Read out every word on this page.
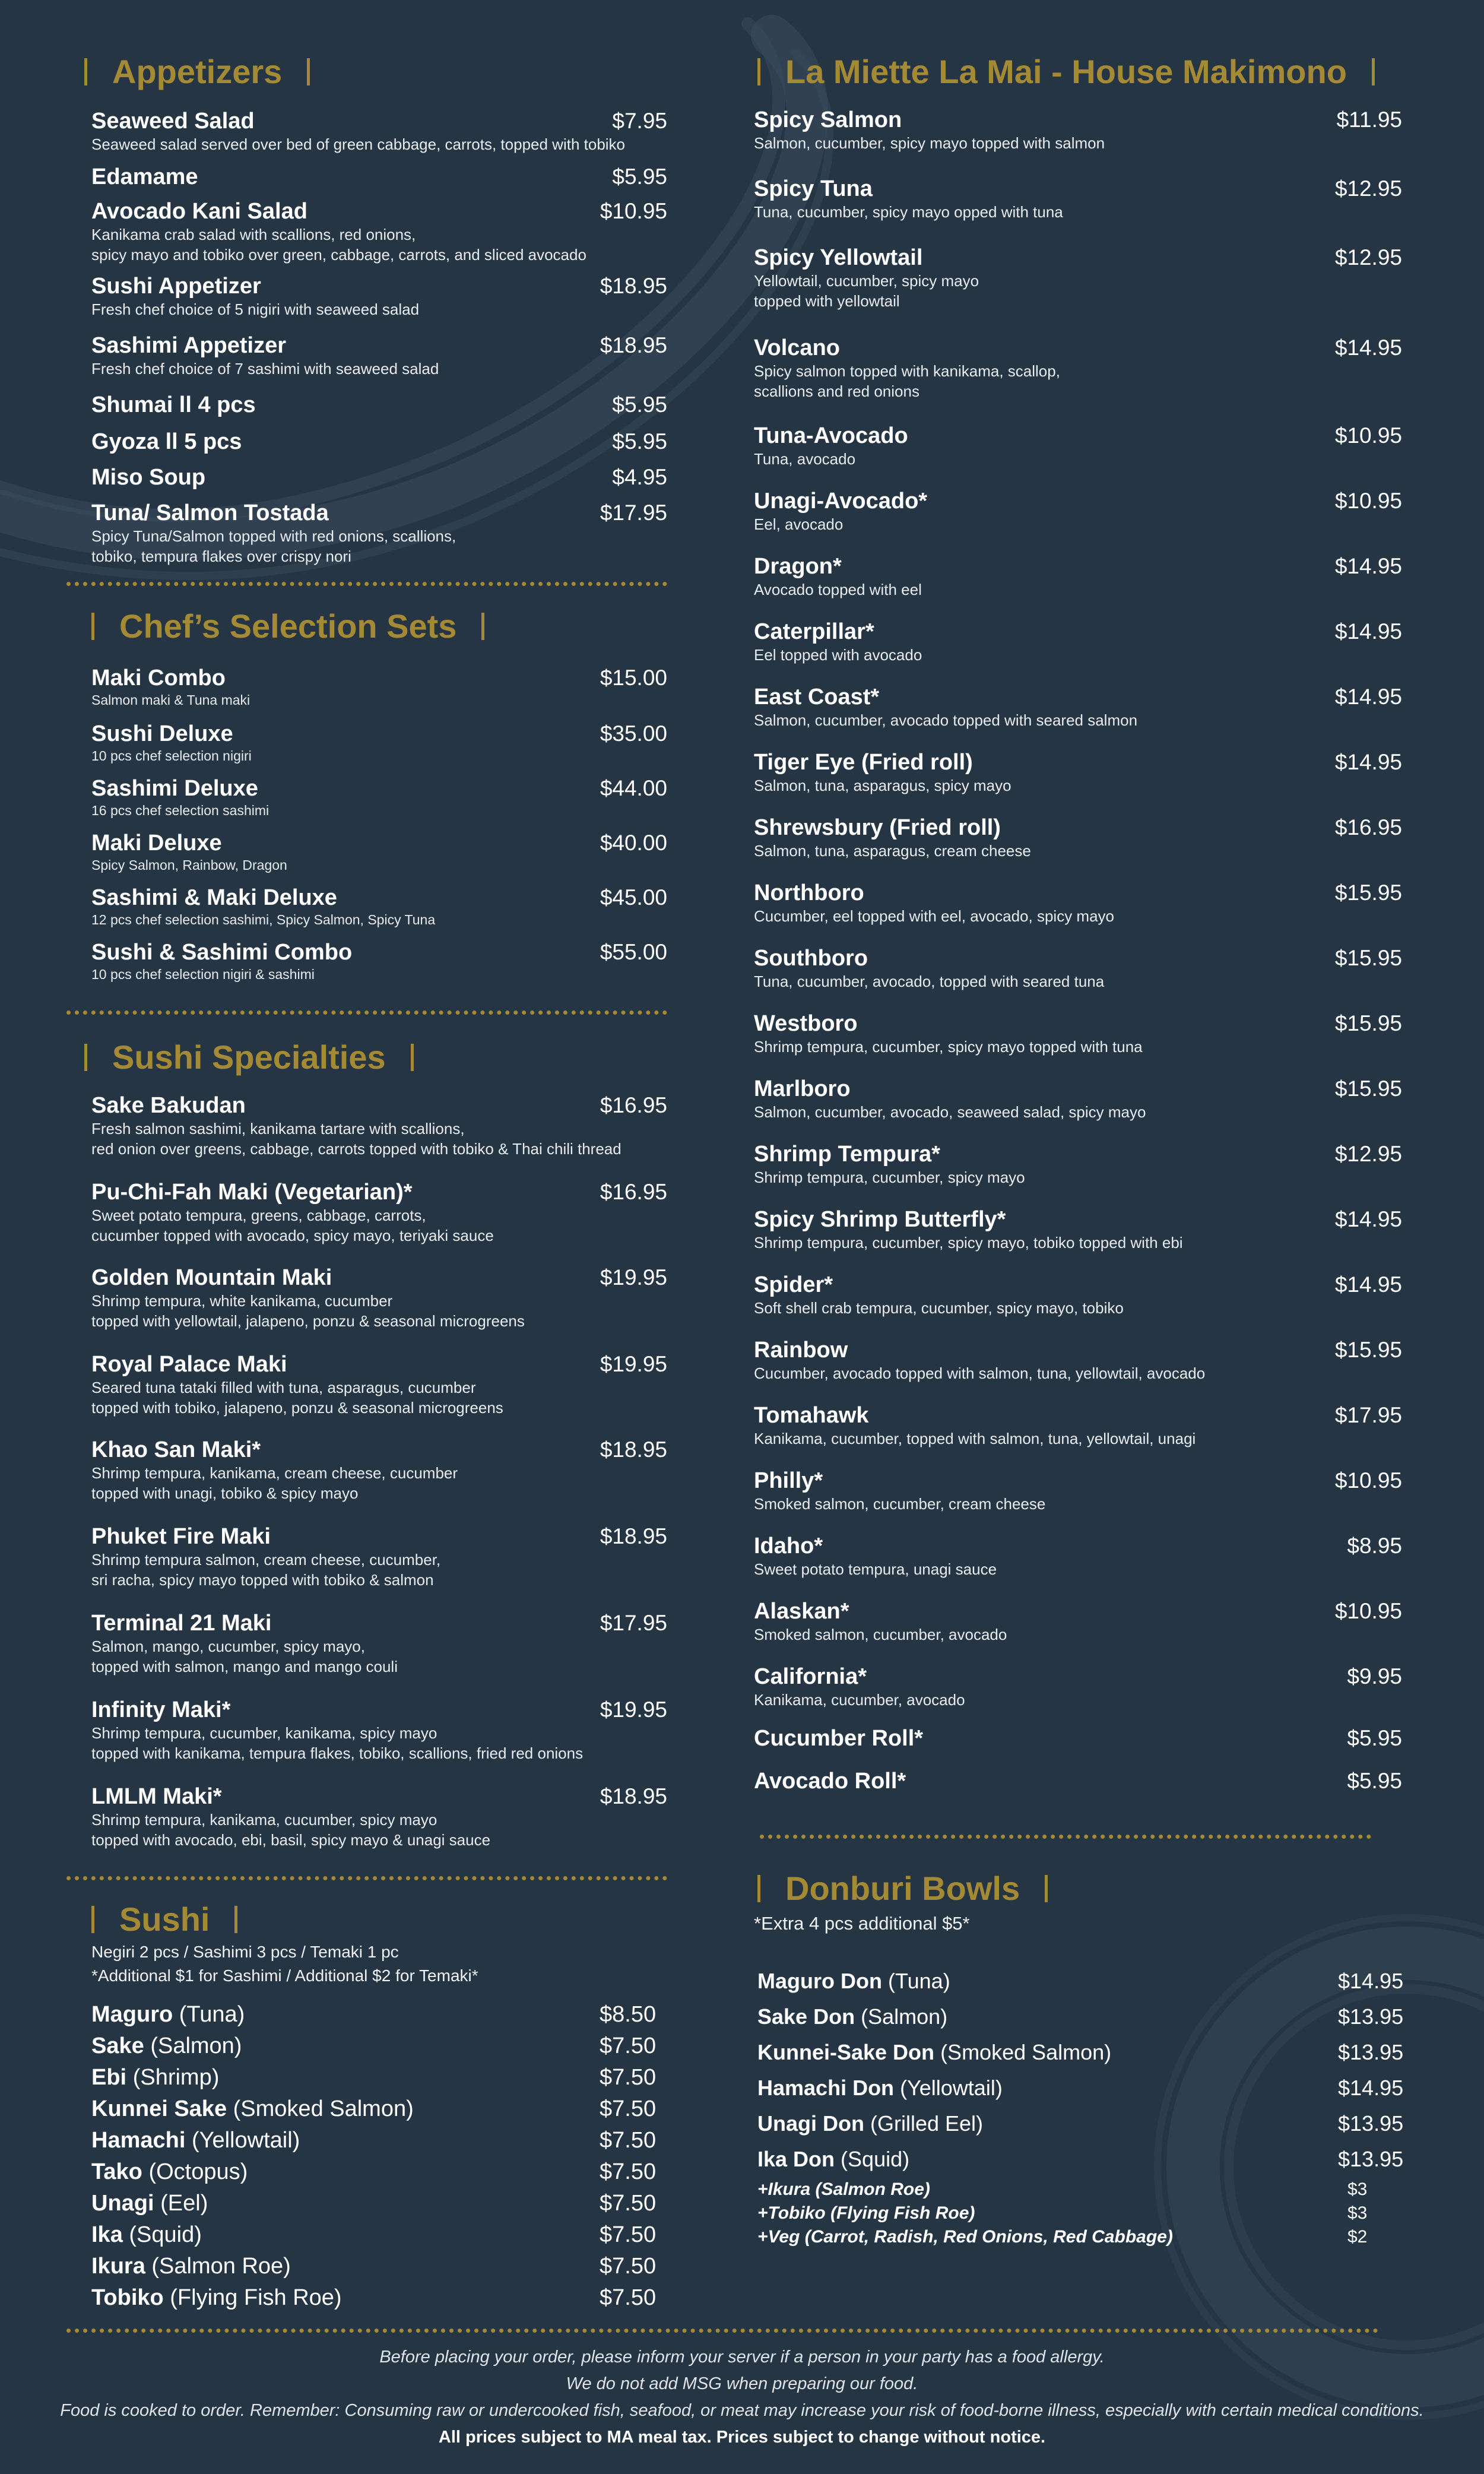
Appetizers
Seaweed Salad	$7.95
Seaweed salad served over bed of green cabbage, carrots, topped with tobiko
Edamame	$5.95
Avocado Kani Salad	$10.95
Kanikama crab salad with scallions, red onions,
spicy mayo and tobiko over green, cabbage, carrots, and sliced avocado
Sushi Appetizer	$18.95
Fresh chef choice of 5 nigiri with seaweed salad
Sashimi Appetizer	$18.95
Fresh chef choice of 7 sashimi with seaweed salad
Shumai ll 4 pcs	$5.95
Gyoza ll 5 pcs	$5.95
Miso Soup	$4.95
Tuna/ Salmon Tostada	$17.95
Spicy Tuna/Salmon topped with red onions, scallions,
tobiko, tempura flakes over crispy nori
Chef’s Selection Sets
Maki Combo	$15.00
Salmon maki & Tuna maki
Sushi Deluxe	$35.00
10 pcs chef selection nigiri
Sashimi Deluxe	$44.00
16 pcs chef selection sashimi
Maki Deluxe	$40.00
Spicy Salmon, Rainbow, Dragon
Sashimi & Maki Deluxe	$45.00
12 pcs chef selection sashimi, Spicy Salmon, Spicy Tuna
Sushi & Sashimi Combo	$55.00
10 pcs chef selection nigiri & sashimi
Sushi Specialties
Sake Bakudan	$16.95
Fresh salmon sashimi, kanikama tartare with scallions,
red onion over greens, cabbage, carrots topped with tobiko & Thai chili thread
Pu-Chi-Fah Maki (Vegetarian)*	$16.95
Sweet potato tempura, greens, cabbage, carrots,
cucumber topped with avocado, spicy mayo, teriyaki sauce
Golden Mountain Maki	$19.95
Shrimp tempura, white kanikama, cucumber
topped with yellowtail, jalapeno, ponzu & seasonal microgreens
Royal Palace Maki	$19.95
Seared tuna tataki filled with tuna, asparagus, cucumber
topped with tobiko, jalapeno, ponzu & seasonal microgreens
Khao San Maki*	$18.95
Shrimp tempura, kanikama, cream cheese, cucumber
topped with unagi, tobiko & spicy mayo
Phuket Fire Maki	$18.95
Shrimp tempura salmon, cream cheese, cucumber,
sri racha, spicy mayo topped with tobiko & salmon
Terminal 21 Maki	$17.95
Salmon, mango, cucumber, spicy mayo,
topped with salmon, mango and mango couli
Infinity Maki*	$19.95
Shrimp tempura, cucumber, kanikama, spicy mayo
topped with kanikama, tempura flakes, tobiko, scallions, fried red onions
LMLM Maki*	$18.95
Shrimp tempura, kanikama, cucumber, spicy mayo
topped with avocado, ebi, basil, spicy mayo & unagi sauce
Sushi
Negiri 2 pcs / Sashimi 3 pcs / Temaki 1 pc
*Additional $1 for Sashimi / Additional $2 for Temaki*
Maguro (Tuna)	$8.50
Sake (Salmon)	$7.50
Ebi (Shrimp)	$7.50
Kunnei Sake (Smoked Salmon)	$7.50
Hamachi (Yellowtail)	$7.50
Tako (Octopus)	$7.50
Unagi (Eel)	$7.50
Ika (Squid)	$7.50
Ikura (Salmon Roe)	$7.50
Tobiko (Flying Fish Roe)	$7.50
La Miette La Mai - House Makimono
Spicy Salmon	$11.95
Salmon, cucumber, spicy mayo topped with salmon
Spicy Tuna	$12.95
Tuna, cucumber, spicy mayo opped with tuna
Spicy Yellowtail	$12.95
Yellowtail, cucumber, spicy mayo
topped with yellowtail
Volcano	$14.95
Spicy salmon topped with kanikama, scallop,
scallions and red onions
Tuna-Avocado	$10.95
Tuna, avocado
Unagi-Avocado*	$10.95
Eel, avocado
Dragon*	$14.95
Avocado topped with eel
Caterpillar*	$14.95
Eel topped with avocado
East Coast*	$14.95
Salmon, cucumber, avocado topped with seared salmon
Tiger Eye (Fried roll)	$14.95
Salmon, tuna, asparagus, spicy mayo
Shrewsbury (Fried roll)	$16.95
Salmon, tuna, asparagus, cream cheese
Northboro	$15.95
Cucumber, eel topped with eel, avocado, spicy mayo
Southboro	$15.95
Tuna, cucumber, avocado, topped with seared tuna
Westboro	$15.95
Shrimp tempura, cucumber, spicy mayo topped with tuna
Marlboro	$15.95
Salmon, cucumber, avocado, seaweed salad, spicy mayo
Shrimp Tempura*	$12.95
Shrimp tempura, cucumber, spicy mayo
Spicy Shrimp Butterfly*	$14.95
Shrimp tempura, cucumber, spicy mayo, tobiko topped with ebi
Spider*	$14.95
Soft shell crab tempura, cucumber, spicy mayo, tobiko
Rainbow	$15.95
Cucumber, avocado topped with salmon, tuna, yellowtail, avocado
Tomahawk	$17.95
Kanikama, cucumber, topped with salmon, tuna, yellowtail, unagi
Philly*	$10.95
Smoked salmon, cucumber, cream cheese
Idaho*	$8.95
Sweet potato tempura, unagi sauce
Alaskan*	$10.95
Smoked salmon, cucumber, avocado
California*	$9.95
Kanikama, cucumber, avocado
Cucumber Roll*	$5.95
Avocado Roll*	$5.95
Donburi Bowls
*Extra 4 pcs additional $5*
Maguro Don (Tuna)	$14.95
Sake Don (Salmon)	$13.95
Kunnei-Sake Don (Smoked Salmon)	$13.95
Hamachi Don (Yellowtail)	$14.95
Unagi Don (Grilled Eel)	$13.95
Ika Don (Squid)	$13.95
+Ikura (Salmon Roe)	$3
+Tobiko (Flying Fish Roe)	$3
+Veg (Carrot, Radish, Red Onions, Red Cabbage)	$2
Before placing your order, please inform your server if a person in your party has a food allergy.
We do not add MSG when preparing our food.
Food is cooked to order. Remember: Consuming raw or undercooked fish, seafood, or meat may increase your risk of food-borne illness, especially with certain medical conditions.
All prices subject to MA meal tax. Prices subject to change without notice.
